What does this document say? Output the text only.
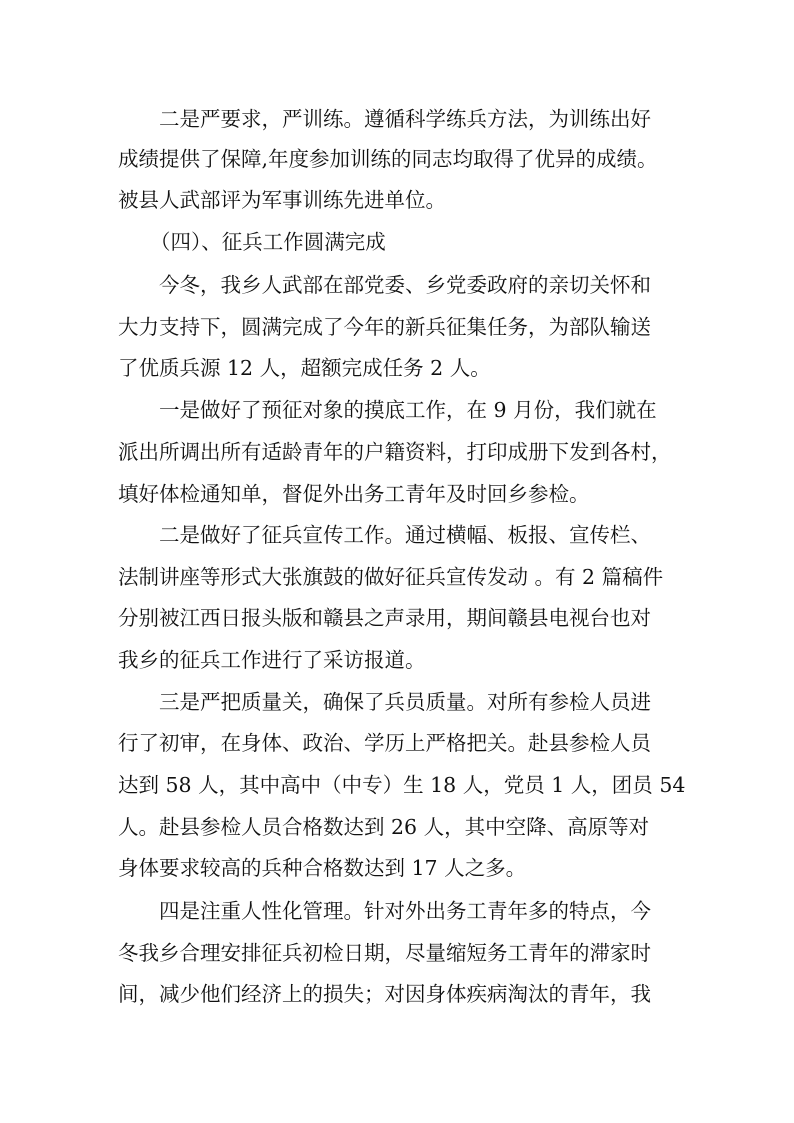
二是严要求，严训练。遵循科学练兵方法，为训练出好
成绩提供了保障,年度参加训练的同志均取得了优异的成绩。
被县人武部评为军事训练先进单位。
（四）、征兵工作圆满完成
今冬，我乡人武部在部党委、乡党委政府的亲切关怀和
大力支持下，圆满完成了今年的新兵征集任务，为部队输送
了优质兵源 12 人，超额完成任务 2 人。
一是做好了预征对象的摸底工作，在 9 月份，我们就在
派出所调出所有适龄青年的户籍资料，打印成册下发到各村，
填好体检通知单，督促外出务工青年及时回乡参检。
二是做好了征兵宣传工作。通过横幅、板报、宣传栏、
法制讲座等形式大张旗鼓的做好征兵宣传发动 。有 2 篇稿件
分别被江西日报头版和赣县之声录用，期间赣县电视台也对
我乡的征兵工作进行了采访报道。
三是严把质量关，确保了兵员质量。对所有参检人员进
行了初审，在身体、政治、学历上严格把关。赴县参检人员
达到 58 人，其中高中（中专）生 18 人，党员 1 人，团员 54
人。赴县参检人员合格数达到 26 人，其中空降、高原等对
身体要求较高的兵种合格数达到 17 人之多。
四是注重人性化管理。针对外出务工青年多的特点，今
冬我乡合理安排征兵初检日期，尽量缩短务工青年的滞家时
间，减少他们经济上的损失；对因身体疾病淘汰的青年，我
